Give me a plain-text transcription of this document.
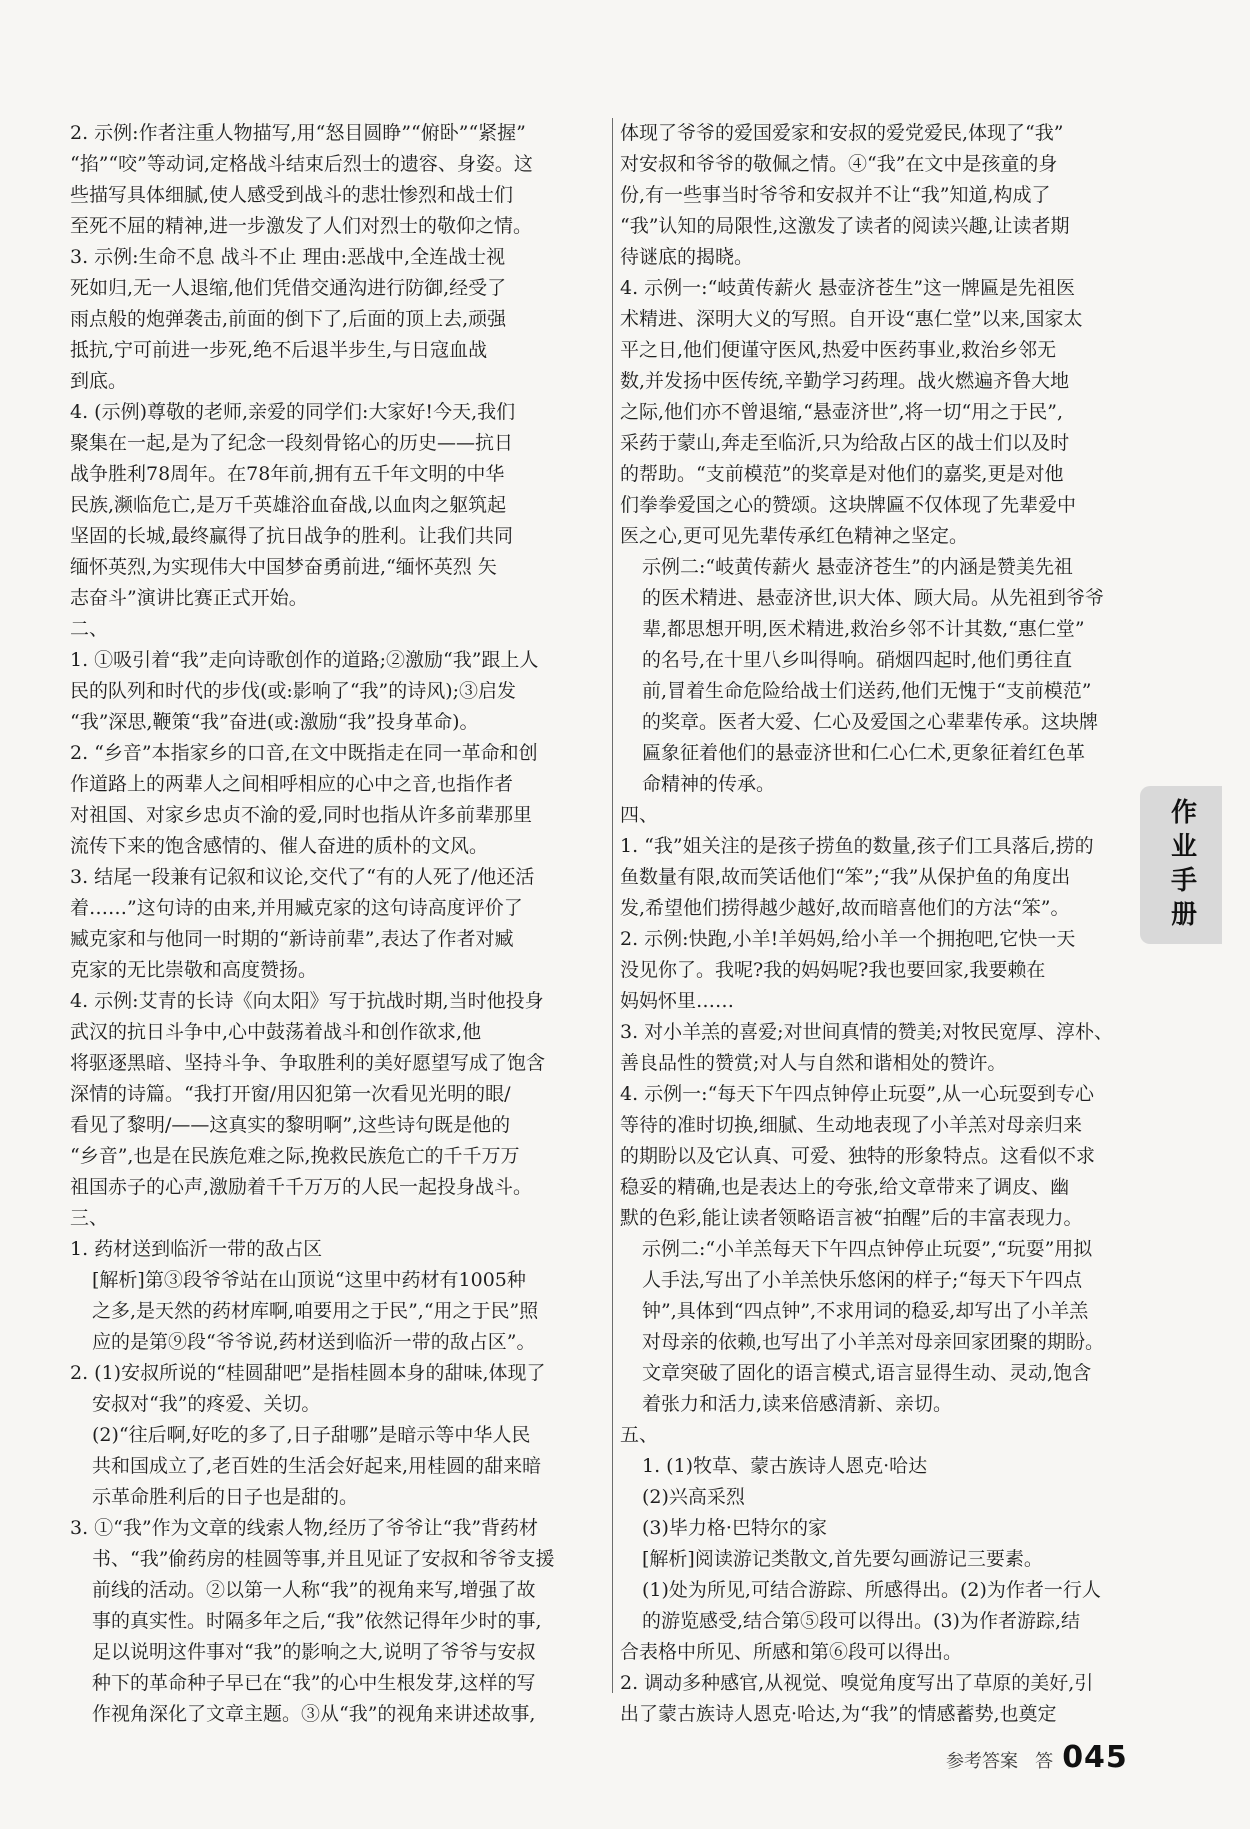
2. 示例:作者注重人物描写,用“怒目圆睁”“俯卧”“紧握”
“掐”“咬”等动词,定格战斗结束后烈士的遗容、身姿。这
些描写具体细腻,使人感受到战斗的悲壮惨烈和战士们
至死不屈的精神,进一步激发了人们对烈士的敬仰之情。
3. 示例:生命不息 战斗不止 理由:恶战中,全连战士视
死如归,无一人退缩,他们凭借交通沟进行防御,经受了
雨点般的炮弹袭击,前面的倒下了,后面的顶上去,顽强
抵抗,宁可前进一步死,绝不后退半步生,与日寇血战
到底。
4. (示例)尊敬的老师,亲爱的同学们:大家好!今天,我们
聚集在一起,是为了纪念一段刻骨铭心的历史——抗日
战争胜利78周年。在78年前,拥有五千年文明的中华
民族,濒临危亡,是万千英雄浴血奋战,以血肉之躯筑起
坚固的长城,最终赢得了抗日战争的胜利。让我们共同
缅怀英烈,为实现伟大中国梦奋勇前进,“缅怀英烈 矢
志奋斗”演讲比赛正式开始。
二、
1. ①吸引着“我”走向诗歌创作的道路;②激励“我”跟上人
民的队列和时代的步伐(或:影响了“我”的诗风);③启发
“我”深思,鞭策“我”奋进(或:激励“我”投身革命)。
2. “乡音”本指家乡的口音,在文中既指走在同一革命和创
作道路上的两辈人之间相呼相应的心中之音,也指作者
对祖国、对家乡忠贞不渝的爱,同时也指从许多前辈那里
流传下来的饱含感情的、催人奋进的质朴的文风。
3. 结尾一段兼有记叙和议论,交代了“有的人死了/他还活
着……”这句诗的由来,并用臧克家的这句诗高度评价了
臧克家和与他同一时期的“新诗前辈”,表达了作者对臧
克家的无比崇敬和高度赞扬。
4. 示例:艾青的长诗《向太阳》写于抗战时期,当时他投身
武汉的抗日斗争中,心中鼓荡着战斗和创作欲求,他
将驱逐黑暗、坚持斗争、争取胜利的美好愿望写成了饱含
深情的诗篇。“我打开窗/用囚犯第一次看见光明的眼/
看见了黎明/——这真实的黎明啊”,这些诗句既是他的
“乡音”,也是在民族危难之际,挽救民族危亡的千千万万
祖国赤子的心声,激励着千千万万的人民一起投身战斗。
三、
1. 药材送到临沂一带的敌占区
[解析]第③段爷爷站在山顶说“这里中药材有1005种
之多,是天然的药材库啊,咱要用之于民”,“用之于民”照
应的是第⑨段“爷爷说,药材送到临沂一带的敌占区”。
2. (1)安叔所说的“桂圆甜吧”是指桂圆本身的甜味,体现了
安叔对“我”的疼爱、关切。
(2)“往后啊,好吃的多了,日子甜哪”是暗示等中华人民
共和国成立了,老百姓的生活会好起来,用桂圆的甜来暗
示革命胜利后的日子也是甜的。
3. ①“我”作为文章的线索人物,经历了爷爷让“我”背药材
书、“我”偷药房的桂圆等事,并且见证了安叔和爷爷支援
前线的活动。②以第一人称“我”的视角来写,增强了故
事的真实性。时隔多年之后,“我”依然记得年少时的事,
足以说明这件事对“我”的影响之大,说明了爷爷与安叔
种下的革命种子早已在“我”的心中生根发芽,这样的写
作视角深化了文章主题。③从“我”的视角来讲述故事,
体现了爷爷的爱国爱家和安叔的爱党爱民,体现了“我”
对安叔和爷爷的敬佩之情。④“我”在文中是孩童的身
份,有一些事当时爷爷和安叔并不让“我”知道,构成了
“我”认知的局限性,这激发了读者的阅读兴趣,让读者期
待谜底的揭晓。
4. 示例一:“岐黄传薪火 悬壶济苍生”这一牌匾是先祖医
术精进、深明大义的写照。自开设“惠仁堂”以来,国家太
平之日,他们便谨守医风,热爱中医药事业,救治乡邻无
数,并发扬中医传统,辛勤学习药理。战火燃遍齐鲁大地
之际,他们亦不曾退缩,“悬壶济世”,将一切“用之于民”,
采药于蒙山,奔走至临沂,只为给敌占区的战士们以及时
的帮助。“支前模范”的奖章是对他们的嘉奖,更是对他
们拳拳爱国之心的赞颂。这块牌匾不仅体现了先辈爱中
医之心,更可见先辈传承红色精神之坚定。
示例二:“岐黄传薪火 悬壶济苍生”的内涵是赞美先祖
的医术精进、悬壶济世,识大体、顾大局。从先祖到爷爷
辈,都思想开明,医术精进,救治乡邻不计其数,“惠仁堂”
的名号,在十里八乡叫得响。硝烟四起时,他们勇往直
前,冒着生命危险给战士们送药,他们无愧于“支前模范”
的奖章。医者大爱、仁心及爱国之心辈辈传承。这块牌
匾象征着他们的悬壶济世和仁心仁术,更象征着红色革
命精神的传承。
四、
1. “我”姐关注的是孩子捞鱼的数量,孩子们工具落后,捞的
鱼数量有限,故而笑话他们“笨”;“我”从保护鱼的角度出
发,希望他们捞得越少越好,故而暗喜他们的方法“笨”。
2. 示例:快跑,小羊!羊妈妈,给小羊一个拥抱吧,它快一天
没见你了。我呢?我的妈妈呢?我也要回家,我要赖在
妈妈怀里……
3. 对小羊羔的喜爱;对世间真情的赞美;对牧民宽厚、淳朴、
善良品性的赞赏;对人与自然和谐相处的赞许。
4. 示例一:“每天下午四点钟停止玩耍”,从一心玩耍到专心
等待的准时切换,细腻、生动地表现了小羊羔对母亲归来
的期盼以及它认真、可爱、独特的形象特点。这看似不求
稳妥的精确,也是表达上的夸张,给文章带来了调皮、幽
默的色彩,能让读者领略语言被“拍醒”后的丰富表现力。
示例二:“小羊羔每天下午四点钟停止玩耍”,“玩耍”用拟
人手法,写出了小羊羔快乐悠闲的样子;“每天下午四点
钟”,具体到“四点钟”,不求用词的稳妥,却写出了小羊羔
对母亲的依赖,也写出了小羊羔对母亲回家团聚的期盼。
文章突破了固化的语言模式,语言显得生动、灵动,饱含
着张力和活力,读来倍感清新、亲切。
五、
1. (1)牧草、蒙古族诗人恩克·哈达
(2)兴高采烈
(3)毕力格·巴特尔的家
[解析]阅读游记类散文,首先要勾画游记三要素。
(1)处为所见,可结合游踪、所感得出。(2)为作者一行人
的游览感受,结合第⑤段可以得出。(3)为作者游踪,结
合表格中所见、所感和第⑥段可以得出。
2. 调动多种感官,从视觉、嗅觉角度写出了草原的美好,引
出了蒙古族诗人恩克·哈达,为“我”的情感蓄势,也奠定
作业手册
参考答案 答 045
